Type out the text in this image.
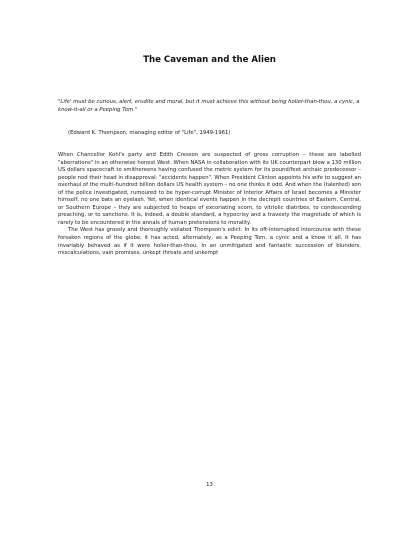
The Caveman and the Alien

"Life' must be curious, alert, erudite and moral, but it must achieve this without being holier-than-thou, a cynic, a know-it-all or a Peeping Tom."

(Edward K. Thompson, managing editor of "Life", 1949-1961)

When Chancellor Kohl's party and Edith Cresson are suspected of gross corruption – these are labelled "aberrations" in an otherwise honest West. When NASA in collaboration with its UK counterpart blow a 130 million US dollars spacecraft to smithereens having confused the metric system for its pound/feet archaic predecessor – people nod their head in disapproval: "accidents happen". When President Clinton appoints his wife to suggest an overhaul of the multi-hundred billion dollars US health system – no one thinks it odd. And when the (talented) son of the police investigated, rumoured to be hyper-corrupt Minister of Interior Affairs of Israel becomes a Minister himself, no one bats an eyelash. Yet, when identical events happen in the decrepit countries of Eastern, Central, or Southern Europe – they are subjected to heaps of excoriating scorn, to vitriolic diatribes, to condescending preaching, or to sanctions. It is, indeed, a double standard, a hypocrisy and a travesty the magnitude of which is rarely to be encountered in the annals of human pretensions to morality.

The West has grossly and thoroughly violated Thompson's edict. In its oft-interrupted intercourse with these forsaken regions of the globe, it has acted, alternately, as a Peeping Tom, a cynic and a know it all. It has invariably behaved as if it were holier-than-thou. In an unmitigated and fantastic succession of blunders, miscalculations, vain promises, unkept threats and unkempt

13
